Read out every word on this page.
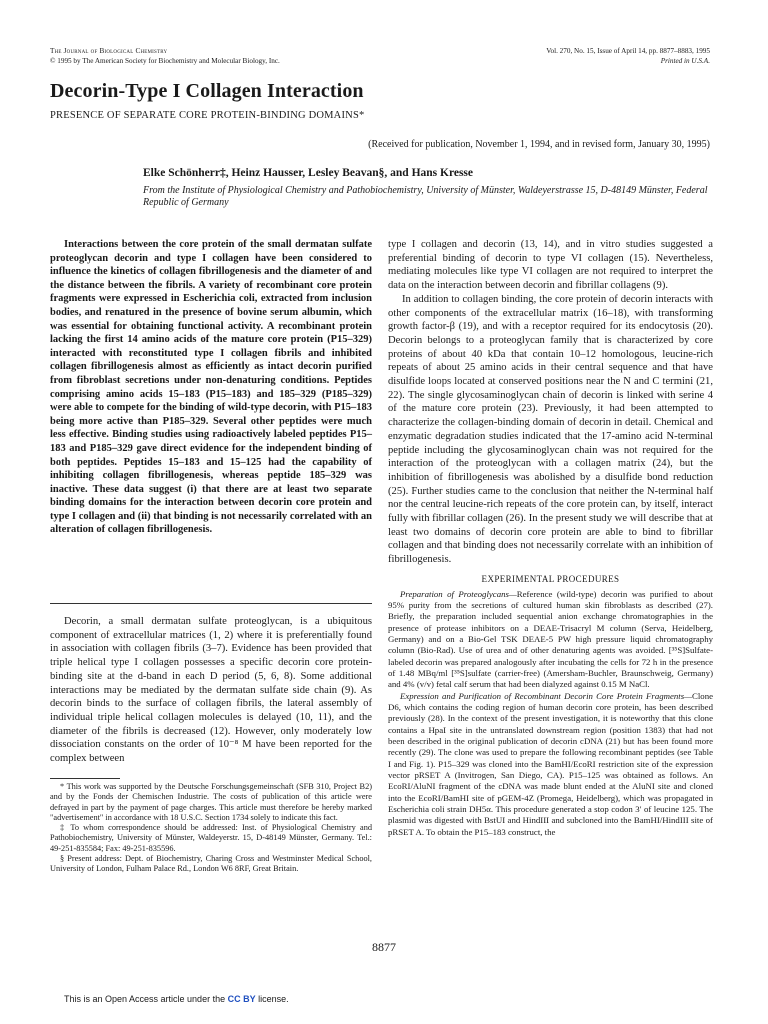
The Journal of Biological Chemistry
© 1995 by The American Society for Biochemistry and Molecular Biology, Inc.
Vol. 270, No. 15, Issue of April 14, pp. 8877–8883, 1995
Printed in U.S.A.
Decorin-Type I Collagen Interaction
PRESENCE OF SEPARATE CORE PROTEIN-BINDING DOMAINS*
(Received for publication, November 1, 1994, and in revised form, January 30, 1995)
Elke Schönherr‡, Heinz Hausser, Lesley Beavan§, and Hans Kresse
From the Institute of Physiological Chemistry and Pathobiochemistry, University of Münster, Waldeyerstrasse 15, D-48149 Münster, Federal Republic of Germany

Interactions between the core protein of the small dermatan sulfate proteoglycan decorin and type I collagen have been considered to influence the kinetics of collagen fibrillogenesis and the diameter of and the distance between the fibrils. A variety of recombinant core protein fragments were expressed in Escherichia coli, extracted from inclusion bodies, and renatured in the presence of bovine serum albumin, which was essential for obtaining functional activity. A recombinant protein lacking the first 14 amino acids of the mature core protein (P15–329) interacted with reconstituted type I collagen fibrils and inhibited collagen fibrillogenesis almost as efficiently as intact decorin purified from fibroblast secretions under non-denaturing conditions. Peptides comprising amino acids 15–183 (P15–183) and 185–329 (P185–329) were able to compete for the binding of wild-type decorin, with P15–183 being more active than P185–329. Several other peptides were much less effective. Binding studies using radioactively labeled peptides P15–183 and P185–329 gave direct evidence for the independent binding of both peptides. Peptides 15–183 and 15–125 had the capability of inhibiting collagen fibrillogenesis, whereas peptide 185–329 was inactive. These data suggest (i) that there are at least two separate binding domains for the interaction between decorin core protein and type I collagen and (ii) that binding is not necessarily correlated with an alteration of collagen fibrillogenesis.

Decorin, a small dermatan sulfate proteoglycan, is a ubiquitous component of extracellular matrices (1, 2) where it is preferentially found in association with collagen fibrils (3–7). Evidence has been provided that triple helical type I collagen possesses a specific decorin core protein-binding site at the d-band in each D period (5, 6, 8). Some additional interactions may be mediated by the dermatan sulfate side chain (9). As decorin binds to the surface of collagen fibrils, the lateral assembly of individual triple helical collagen molecules is delayed (10, 11), and the diameter of the fibrils is decreased (12). However, only moderately low dissociation constants on the order of 10⁻⁸ M have been reported for the complex between

* This work was supported by the Deutsche Forschungsgemeinschaft (SFB 310, Project B2) and by the Fonds der Chemischen Industrie. The costs of publication of this article were defrayed in part by the payment of page charges. This article must therefore be hereby marked "advertisement" in accordance with 18 U.S.C. Section 1734 solely to indicate this fact.

‡ To whom correspondence should be addressed: Inst. of Physiological Chemistry and Pathobiochemistry, University of Münster, Waldeyerstr. 15, D-48149 Münster, Germany. Tel.: 49-251-835584; Fax: 49-251-835596.

§ Present address: Dept. of Biochemistry, Charing Cross and Westminster Medical School, University of London, Fulham Palace Rd., London W6 8RF, Great Britain.

type I collagen and decorin (13, 14), and in vitro studies suggested a preferential binding of decorin to type VI collagen (15). Nevertheless, mediating molecules like type VI collagen are not required to interpret the data on the interaction between decorin and fibrillar collagens (9).

In addition to collagen binding, the core protein of decorin interacts with other components of the extracellular matrix (16–18), with transforming growth factor-β (19), and with a receptor required for its endocytosis (20). Decorin belongs to a proteoglycan family that is characterized by core proteins of about 40 kDa that contain 10–12 homologous, leucine-rich repeats of about 25 amino acids in their central sequence and that have disulfide loops located at conserved positions near the N and C termini (21, 22). The single glycosaminoglycan chain of decorin is linked with serine 4 of the mature core protein (23). Previously, it had been attempted to characterize the collagen-binding domain of decorin in detail. Chemical and enzymatic degradation studies indicated that the 17-amino acid N-terminal peptide including the glycosaminoglycan chain was not required for the interaction of the proteoglycan with a collagen matrix (24), but the inhibition of fibrillogenesis was abolished by a disulfide bond reduction (25). Further studies came to the conclusion that neither the N-terminal half nor the central leucine-rich repeats of the core protein can, by itself, interact fully with fibrillar collagen (26). In the present study we will describe that at least two domains of decorin core protein are able to bind to fibrillar collagen and that binding does not necessarily correlate with an inhibition of fibrillogenesis.

EXPERIMENTAL PROCEDURES

Preparation of Proteoglycans—Reference (wild-type) decorin was purified to about 95% purity from the secretions of cultured human skin fibroblasts as described (27). Briefly, the preparation included sequential anion exchange chromatographies in the presence of protease inhibitors on a DEAE-Trisacryl M column (Serva, Heidelberg, Germany) and on a Bio-Gel TSK DEAE-5 PW high pressure liquid chromatography column (Bio-Rad). Use of urea and of other denaturing agents was avoided. [³⁵S]Sulfate-labeled decorin was prepared analogously after incubating the cells for 72 h in the presence of 1.48 MBq/ml [³⁵S]sulfate (carrier-free) (Amersham-Buchler, Braunschweig, Germany) and 4% (v/v) fetal calf serum that had been dialyzed against 0.15 M NaCl.

Expression and Purification of Recombinant Decorin Core Protein Fragments—Clone D6, which contains the coding region of human decorin core protein, has been described previously (28). In the context of the present investigation, it is noteworthy that this clone contains a HpaI site in the untranslated downstream region (position 1383) that had not been described in the original publication of decorin cDNA (21) but has been found more recently (29). The clone was used to prepare the following recombinant peptides (see Table I and Fig. 1). P15–329 was cloned into the BamHI/EcoRI restriction site of the expression vector pRSET A (Invitrogen, San Diego, CA). P15–125 was obtained as follows. An EcoRI/AluNI fragment of the cDNA was made blunt ended at the AluNI site and cloned into the EcoRI/BamHI site of pGEM-4Z (Promega, Heidelberg), which was propagated in Escherichia coli strain DH5α. This procedure generated a stop codon 3′ of leucine 125. The plasmid was digested with BstUI and HindIII and subcloned into the BamHI/HindIII site of pRSET A. To obtain the P15–183 construct, the

8877
This is an Open Access article under the CC BY license.
